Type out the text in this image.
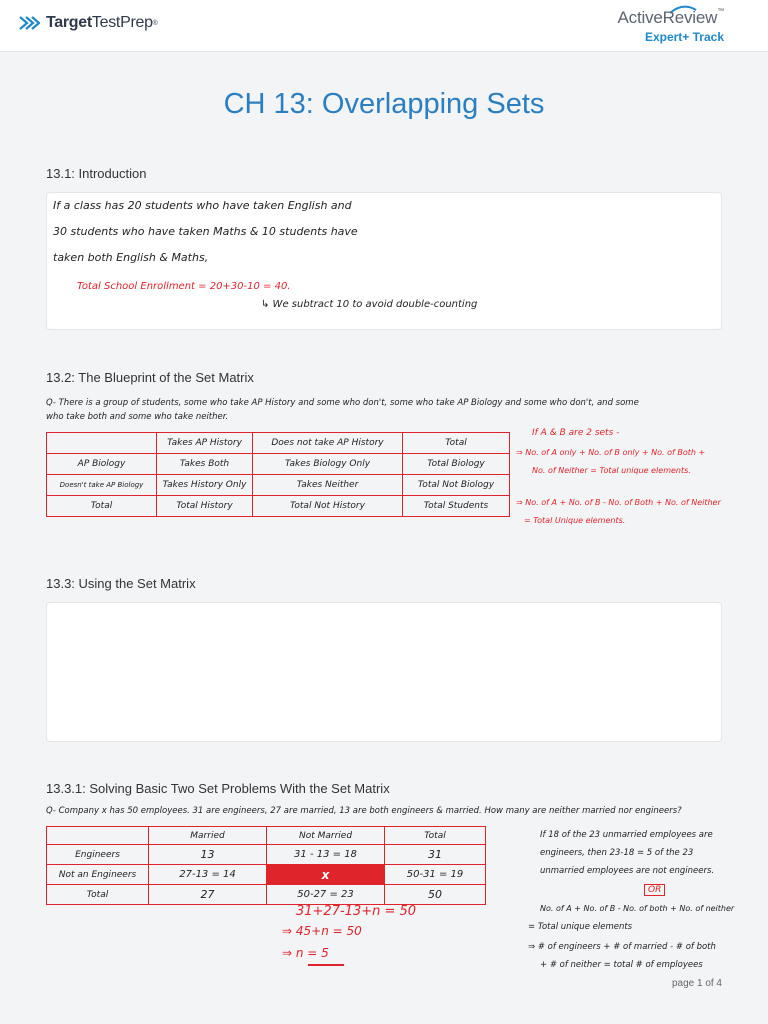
Target TestPrep ®	ActiveReview™
Expert+ Track
CH 13: Overlapping Sets
13.1: Introduction
If a class has 20 students who have taken English and
30 students who have taken Maths & 10 students have
taken both English & Maths,
Total School Enrollment = 20+30-10 = 40.
↳ We subtract 10 to avoid double-counting
13.2: The Blueprint of the Set Matrix
Q- There is a group of students, some who take AP History and some who don't, some who take AP Biology and some who don't, and some
who take both and some who take neither.
	Takes AP History	Does not take AP History	Total
AP Biology	Takes Both	Takes Biology Only	Total Biology
Doesn't take AP Biology	Takes History Only	Takes Neither	Total Not Biology
Total	Total History	Total Not History	Total Students
If A & B are 2 sets -
⇒ No. of A only + No. of B only + No. of Both +
No. of Neither = Total unique elements.
⇒ No. of A + No. of B - No. of Both + No. of Neither
= Total Unique elements.
13.3: Using the Set Matrix
13.3.1: Solving Basic Two Set Problems With the Set Matrix
Q- Company x has 50 employees. 31 are engineers, 27 are married, 13 are both engineers & married. How many are neither married nor engineers?
	Married	Not Married	Total
Engineers	13	31 - 13 = 18	31
Not an Engineers	27-13 = 14	x	50-31 = 19
Total	27	50-27 = 23	50
31+27-13+n = 50
⇒ 45+n = 50
⇒ n = 5
If 18 of the 23 unmarried employees are
engineers, then 23-18 = 5 of the 23
unmarried employees are not engineers.
OR
No. of A + No. of B - No. of both + No. of neither
= Total unique elements
⇒ # of engineers + # of married - # of both
+ # of neither = total # of employees
page 1 of 4
